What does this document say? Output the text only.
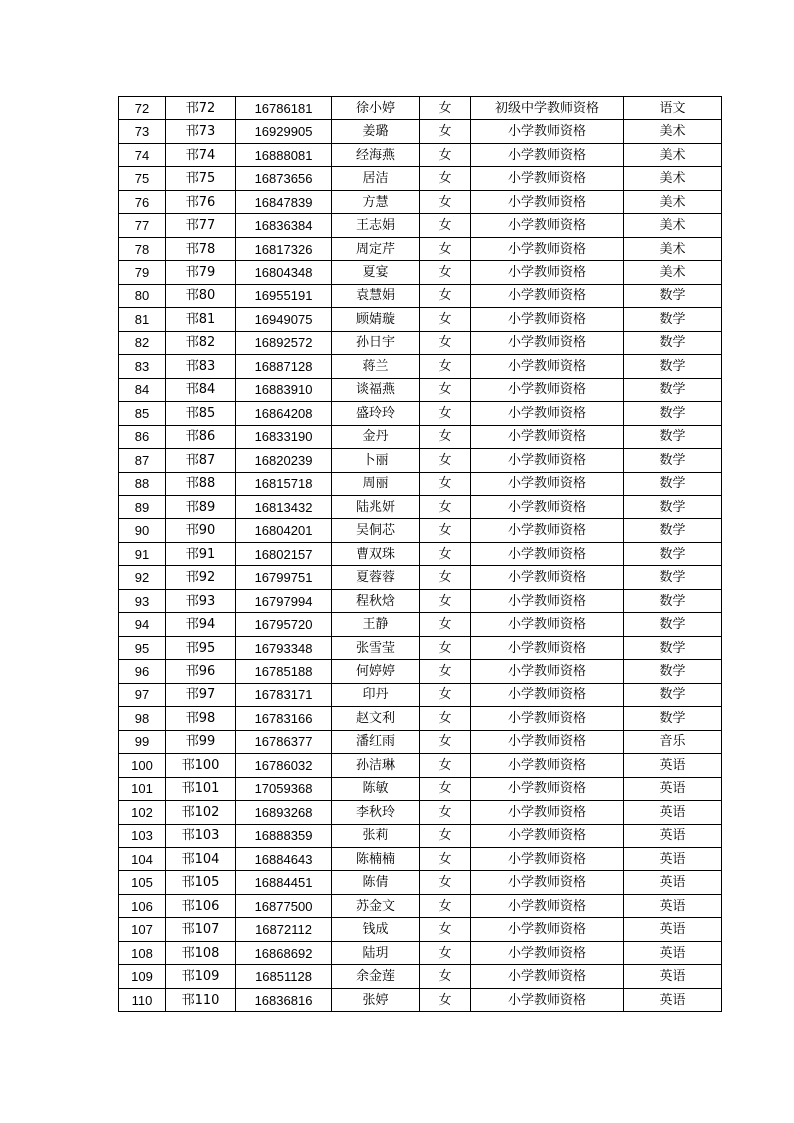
72	邗72	16786181	徐小婷	女	初级中学教师资格	语文
73	邗73	16929905	姜璐	女	小学教师资格	美术
74	邗74	16888081	经海燕	女	小学教师资格	美术
75	邗75	16873656	居洁	女	小学教师资格	美术
76	邗76	16847839	方慧	女	小学教师资格	美术
77	邗77	16836384	王志娟	女	小学教师资格	美术
78	邗78	16817326	周定芹	女	小学教师资格	美术
79	邗79	16804348	夏宴	女	小学教师资格	美术
80	邗80	16955191	袁慧娟	女	小学教师资格	数学
81	邗81	16949075	顾婧璇	女	小学教师资格	数学
82	邗82	16892572	孙日宇	女	小学教师资格	数学
83	邗83	16887128	蒋兰	女	小学教师资格	数学
84	邗84	16883910	谈福燕	女	小学教师资格	数学
85	邗85	16864208	盛玲玲	女	小学教师资格	数学
86	邗86	16833190	金丹	女	小学教师资格	数学
87	邗87	16820239	卜丽	女	小学教师资格	数学
88	邗88	16815718	周丽	女	小学教师资格	数学
89	邗89	16813432	陆兆妍	女	小学教师资格	数学
90	邗90	16804201	吴侗芯	女	小学教师资格	数学
91	邗91	16802157	曹双珠	女	小学教师资格	数学
92	邗92	16799751	夏蓉蓉	女	小学教师资格	数学
93	邗93	16797994	程秋焓	女	小学教师资格	数学
94	邗94	16795720	王静	女	小学教师资格	数学
95	邗95	16793348	张雪莹	女	小学教师资格	数学
96	邗96	16785188	何婷婷	女	小学教师资格	数学
97	邗97	16783171	印丹	女	小学教师资格	数学
98	邗98	16783166	赵文利	女	小学教师资格	数学
99	邗99	16786377	潘红雨	女	小学教师资格	音乐
100	邗100	16786032	孙洁琳	女	小学教师资格	英语
101	邗101	17059368	陈敏	女	小学教师资格	英语
102	邗102	16893268	李秋玲	女	小学教师资格	英语
103	邗103	16888359	张莉	女	小学教师资格	英语
104	邗104	16884643	陈楠楠	女	小学教师资格	英语
105	邗105	16884451	陈倩	女	小学教师资格	英语
106	邗106	16877500	苏金文	女	小学教师资格	英语
107	邗107	16872112	钱成	女	小学教师资格	英语
108	邗108	16868692	陆玥	女	小学教师资格	英语
109	邗109	16851128	余金莲	女	小学教师资格	英语
110	邗110	16836816	张婷	女	小学教师资格	英语
